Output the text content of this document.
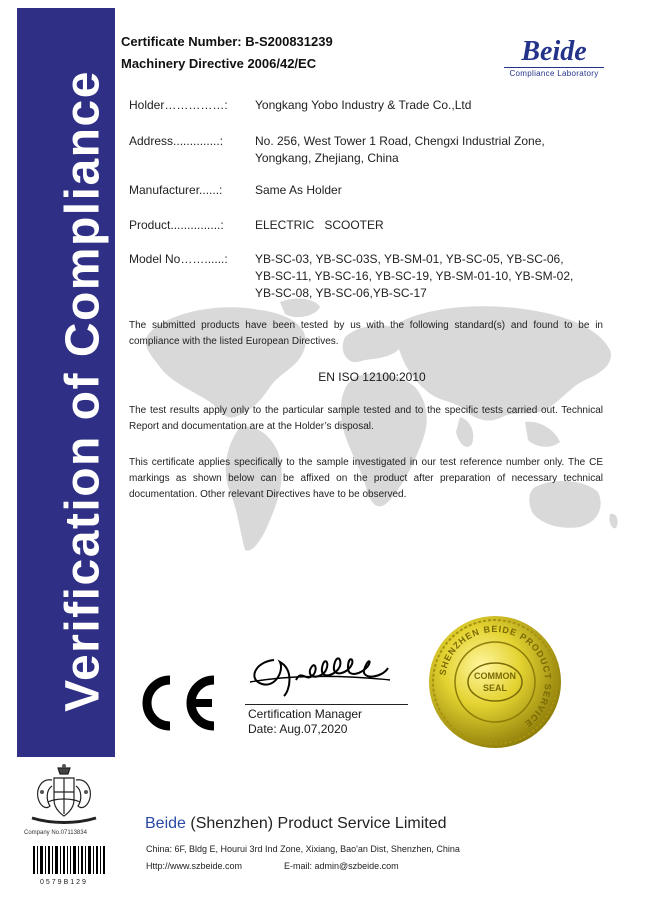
Verification of Compliance
Certificate Number: B-S200831239
Machinery Directive 2006/42/EC	Beide
Compliance Laboratory
Holder……………: Yongkang Yobo Industry & Trade Co.,Ltd
Address..............:	No. 256, West Tower 1 Road, Chengxi Industrial Zone,
Yongkang, Zhejiang, China
Manufacturer......:	Same As Holder
Product...............:	ELECTRIC   SCOOTER
Model No……......: YB-SC-03, YB-SC-03S, YB-SM-01, YB-SC-05, YB-SC-06,
YB-SC-11, YB-SC-16, YB-SC-19, YB-SM-01-10, YB-SM-02,
YB-SC-08, YB-SC-06,YB-SC-17
The submitted products have been tested by us with the following standard(s) and found to be in compliance with the listed European Directives.
EN ISO 12100:2010
The test results apply only to the particular sample tested and to the specific tests carried out. Technical Report and documentation are at the Holder’s disposal.
This certificate applies specifically to the sample investigated in our test reference number only. The CE markings as shown below can be affixed on the product after preparation of necessary technical documentation. Other relevant Directives have to be observed.
Certification Manager
Date: Aug.07,2020
SHENZHEN BEIDE PRODUCT SERVICE
COMMON
SEAL
Company No.07113834
0579B129
Beide (Shenzhen) Product Service Limited
China: 6F, Bldg E, Hourui 3rd Ind Zone, Xixiang, Bao'an Dist, Shenzhen, China
Http://www.szbeide.com	E-mail: admin@szbeide.com
